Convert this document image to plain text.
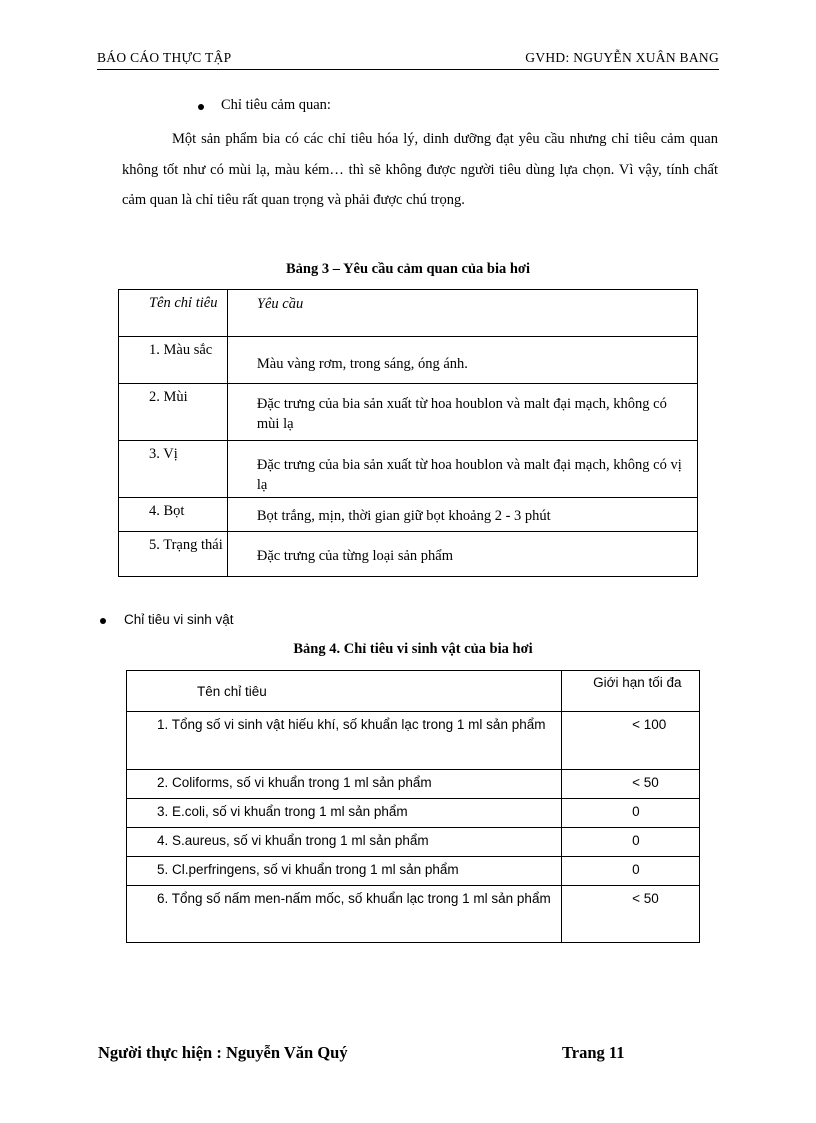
BÁO CÁO THỰC TẬP	GVHD: NGUYỄN XUÂN BANG
Chỉ tiêu cảm quan:
Một sản phẩm bia có các chỉ tiêu hóa lý, dinh dưỡng đạt yêu cầu nhưng chỉ tiêu cảm quan không tốt như có mùi lạ, màu kém… thì sẽ không được người tiêu dùng lựa chọn. Vì vậy, tính chất cảm quan là chỉ tiêu rất quan trọng và phải được chú trọng.
Bảng 3 – Yêu cầu cảm quan của bia hơi
Tên chỉ tiêu	Yêu cầu
1. Màu sắc	Màu vàng rơm, trong sáng, óng ánh.
2. Mùi	Đặc trưng của bia sản xuất từ hoa houblon và malt đại mạch, không có mùi lạ
3. Vị	Đặc trưng của bia sản xuất từ hoa houblon và malt đại mạch, không có vị lạ
4. Bọt	Bọt trắng, mịn, thời gian giữ bọt khoảng 2 - 3 phút
5. Trạng thái	Đặc trưng của từng loại sản phẩm
Chỉ tiêu vi sinh vật
Bảng 4. Chỉ tiêu vi sinh vật của bia hơi
Tên chỉ tiêu	Giới hạn tối đa
1. Tổng số vi sinh vật hiếu khí, số khuẩn lạc trong 1 ml sản phẩm	< 100
2. Coliforms, số vi khuẩn trong 1 ml sản phẩm	< 50
3. E.coli, số vi khuẩn trong 1 ml sản phẩm	0
4. S.aureus, số vi khuẩn trong 1 ml sản phẩm	0
5. Cl.perfringens, số vi khuẩn trong 1 ml sản phẩm	0
6. Tổng số nấm men-nấm mốc, số khuẩn lạc trong 1 ml sản phẩm	< 50
Người thực hiện : Nguyễn Văn Quý	Trang 11
